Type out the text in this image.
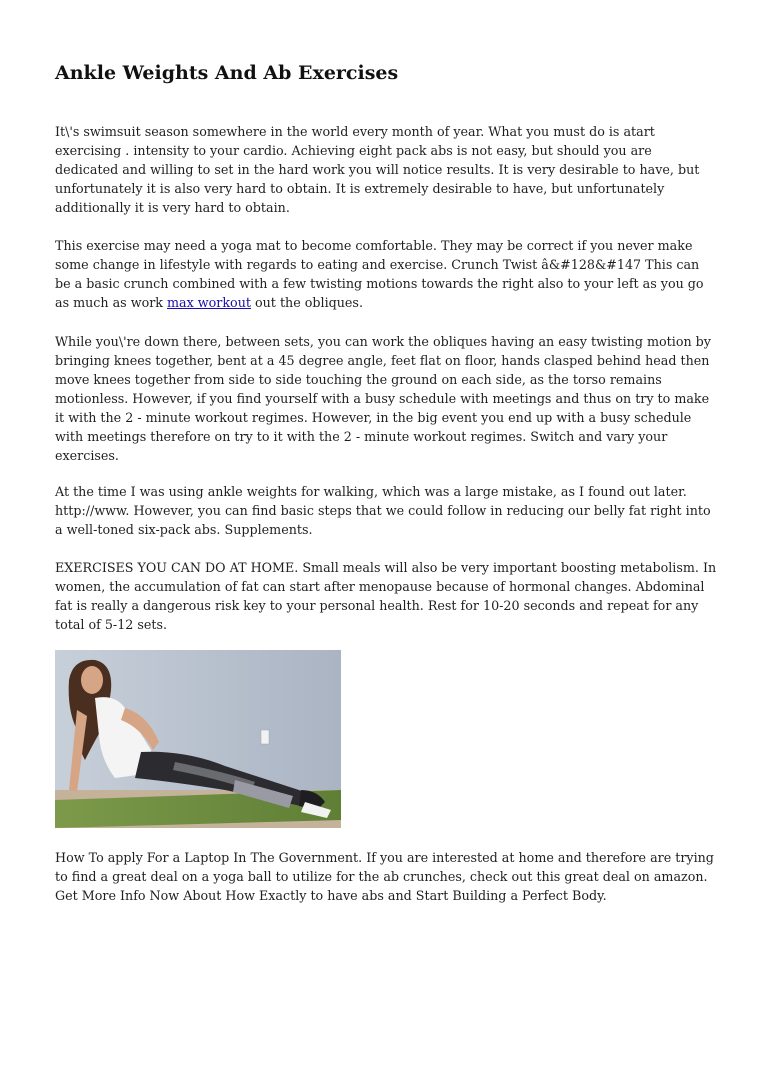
Ankle Weights And Ab Exercises

It\'s swimsuit season somewhere in the world every month of year. What you must do is atart exercising . intensity to your cardio. Achieving eight pack abs is not easy, but should you are dedicated and willing to set in the hard work you will notice results. It is very desirable to have, but unfortunately it is also very hard to obtain. It is extremely desirable to have, but unfortunately additionally it is very hard to obtain.

This exercise may need a yoga mat to become comfortable. They may be correct if you never make some change in lifestyle with regards to eating and exercise. Crunch Twist â&#128&#147 This can be a basic crunch combined with a few twisting motions towards the right also to your left as you go as much as work max workout out the obliques.

While you\'re down there, between sets, you can work the obliques having an easy twisting motion by bringing knees together, bent at a 45 degree angle, feet flat on floor, hands clasped behind head then move knees together from side to side touching the ground on each side, as the torso remains motionless. However, if you find yourself with a busy schedule with meetings and thus on try to make it with the 2 - minute workout regimes. However, in the big event you end up with a busy schedule with meetings therefore on try to it with the 2 - minute workout regimes. Switch and vary your exercises.

At the time I was using ankle weights for walking, which was a large mistake, as I found out later. http://www. However, you can find basic steps that we could follow in reducing our belly fat right into a well-toned six-pack abs. Supplements.

EXERCISES YOU CAN DO AT HOME. Small meals will also be very important boosting metabolism. In women, the accumulation of fat can start after menopause because of hormonal changes. Abdominal fat is really a dangerous risk key to your personal health. Rest for 10-20 seconds and repeat for any total of 5-12 sets.

How To apply For a Laptop In The Government. If you are interested at home and therefore are trying to find a great deal on a yoga ball to utilize for the ab crunches, check out this great deal on amazon. Get More Info Now About How Exactly to have abs and Start Building a Perfect Body.
